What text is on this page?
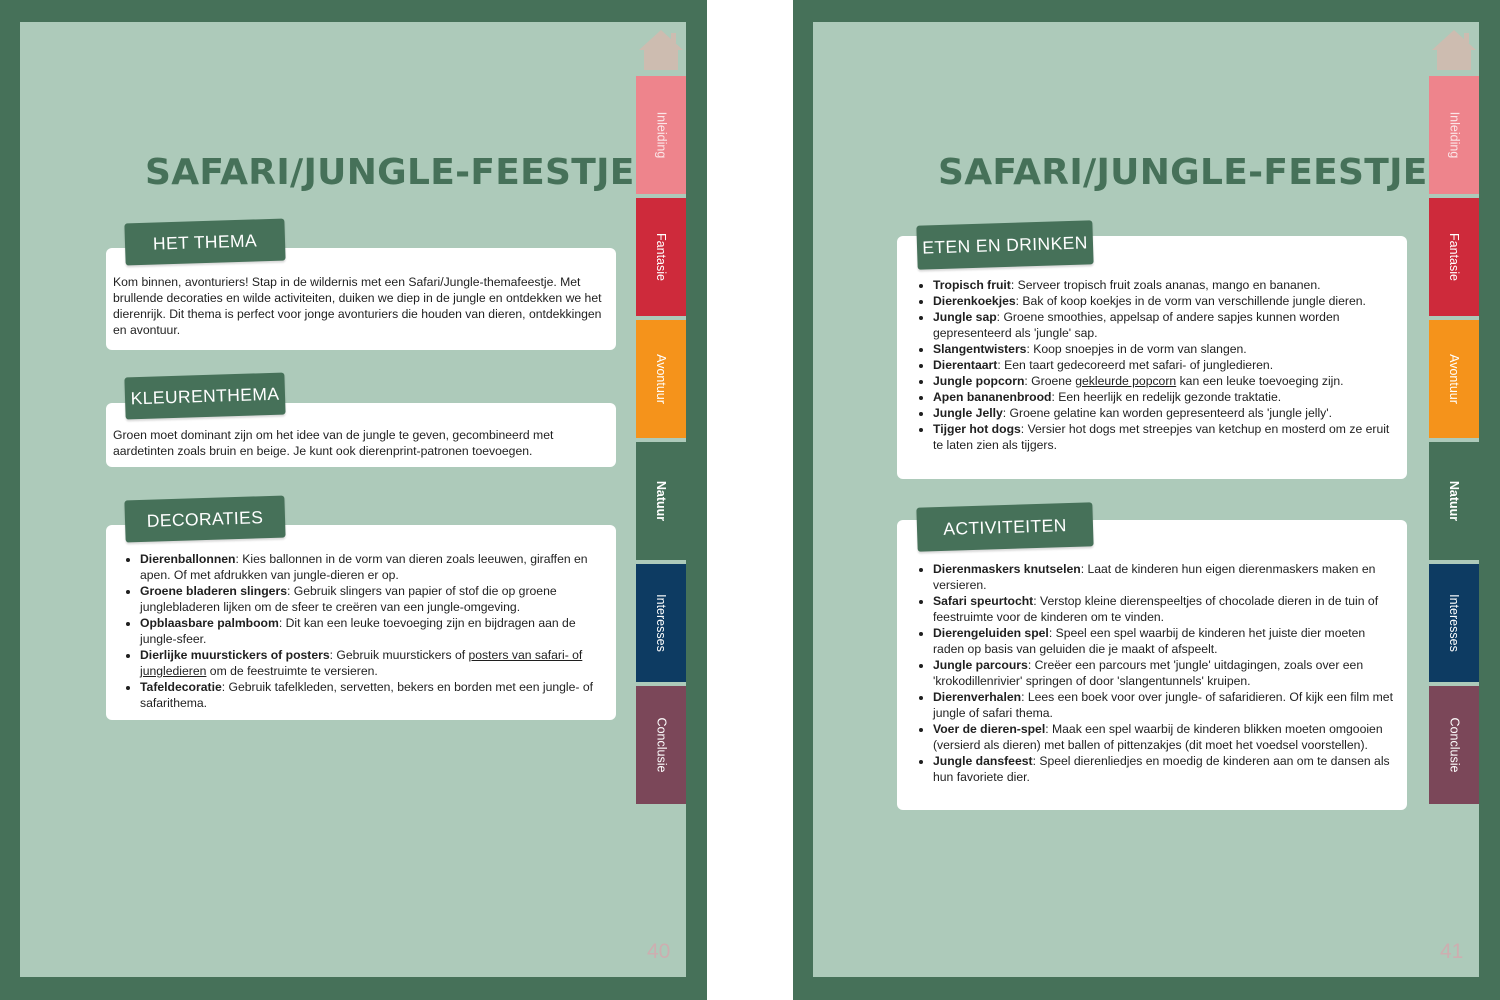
SAFARI/JUNGLE-FEESTJE
Inleiding
Fantasie
Avontuur
Natuur
Interesses
Conclusie

Kom binnen, avonturiers! Stap in de wildernis met een Safari/Jungle-themafeestje. Met brullende decoraties en wilde activiteiten, duiken we diep in de jungle en ontdekken we het dierenrijk. Dit thema is perfect voor jonge avonturiers die houden van dieren, ontdekkingen en avontuur.

HET THEMA

Groen moet dominant zijn om het idee van de jungle te geven, gecombineerd met aardetinten zoals bruin en beige. Je kunt ook dierenprint-patronen toevoegen.

KLEURENTHEMA
• Dierenballonnen: Kies ballonnen in de vorm van dieren zoals leeuwen, giraffen en apen. Of met afdrukken van jungle-dieren er op.
• Groene bladeren slingers: Gebruik slingers van papier of stof die op groene junglebladeren lijken om de sfeer te creëren van een jungle-omgeving.
• Opblaasbare palmboom: Dit kan een leuke toevoeging zijn en bijdragen aan de jungle-sfeer.
• Dierlijke muurstickers of posters: Gebruik muurstickers of posters van safari- of jungledieren om de feestruimte te versieren.
• Tafeldecoratie: Gebruik tafelkleden, servetten, bekers en borden met een jungle- of safarithema.
DECORATIES
40
SAFARI/JUNGLE-FEESTJE
Inleiding
Fantasie
Avontuur
Natuur
Interesses
Conclusie
• Tropisch fruit: Serveer tropisch fruit zoals ananas, mango en bananen.
• Dierenkoekjes: Bak of koop koekjes in de vorm van verschillende jungle dieren.
• Jungle sap: Groene smoothies, appelsap of andere sapjes kunnen worden gepresenteerd als 'jungle' sap.
• Slangentwisters: Koop snoepjes in de vorm van slangen.
• Dierentaart: Een taart gedecoreerd met safari- of jungledieren.
• Jungle popcorn: Groene gekleurde popcorn kan een leuke toevoeging zijn.
• Apen bananenbrood: Een heerlijk en redelijk gezonde traktatie.
• Jungle Jelly: Groene gelatine kan worden gepresenteerd als 'jungle jelly'.
• Tijger hot dogs: Versier hot dogs met streepjes van ketchup en mosterd om ze eruit te laten zien als tijgers.
ETEN EN DRINKEN
• Dierenmaskers knutselen: Laat de kinderen hun eigen dierenmaskers maken en versieren.
• Safari speurtocht: Verstop kleine dierenspeeltjes of chocolade dieren in de tuin of feestruimte voor de kinderen om te vinden.
• Dierengeluiden spel: Speel een spel waarbij de kinderen het juiste dier moeten raden op basis van geluiden die je maakt of afspeelt.
• Jungle parcours: Creëer een parcours met 'jungle' uitdagingen, zoals over een 'krokodillenrivier' springen of door 'slangentunnels' kruipen.
• Dierenverhalen: Lees een boek voor over jungle- of safaridieren. Of kijk een film met jungle of safari thema.
• Voer de dieren-spel: Maak een spel waarbij de kinderen blikken moeten omgooien (versierd als dieren) met ballen of pittenzakjes (dit moet het voedsel voorstellen).
• Jungle dansfeest: Speel dierenliedjes en moedig de kinderen aan om te dansen als hun favoriete dier.
ACTIVITEITEN
41
